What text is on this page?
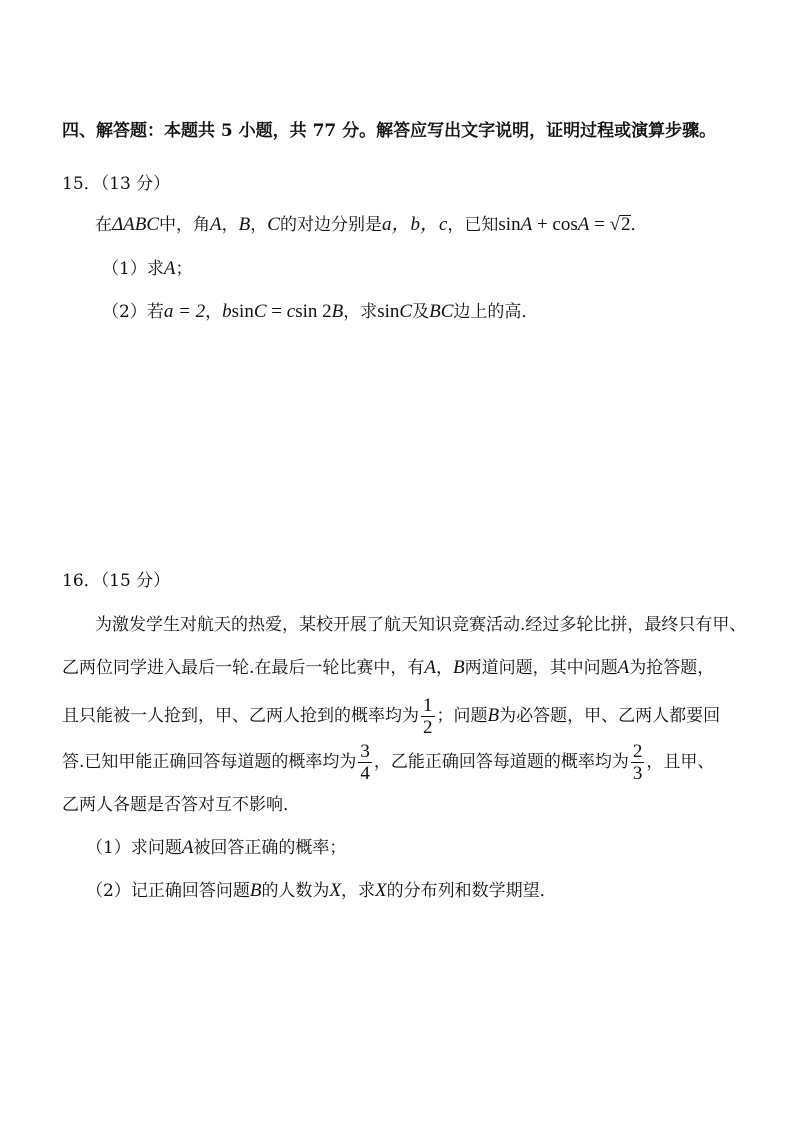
四、解答题：本题共 5 小题，共 77 分。解答应写出文字说明，证明过程或演算步骤。
15．（13 分）
在ΔABC中，角A，B，C的对边分别是a，b，c，已知sinA + cosA = √2．
（1）求A；
（2）若a = 2，bsinC = csin 2B，求sinC及BC边上的高．
16．（15 分）
为激发学生对航天的热爱，某校开展了航天知识竞赛活动.经过多轮比拼，最终只有甲、
乙两位同学进入最后一轮.在最后一轮比赛中，有A，B两道问题，其中问题A为抢答题，
且只能被一人抢到，甲、乙两人抢到的概率均为 $\frac{1}{2}$ ；问题B为必答题，甲、乙两人都要回
答.已知甲能正确回答每道题的概率均为 $\frac{3}{4}$ ，乙能正确回答每道题的概率均为 $\frac{2}{3}$ ，且甲、
乙两人各题是否答对互不影响．
（1）求问题A被回答正确的概率；
（2）记正确回答问题B的人数为X，求X的分布列和数学期望．
